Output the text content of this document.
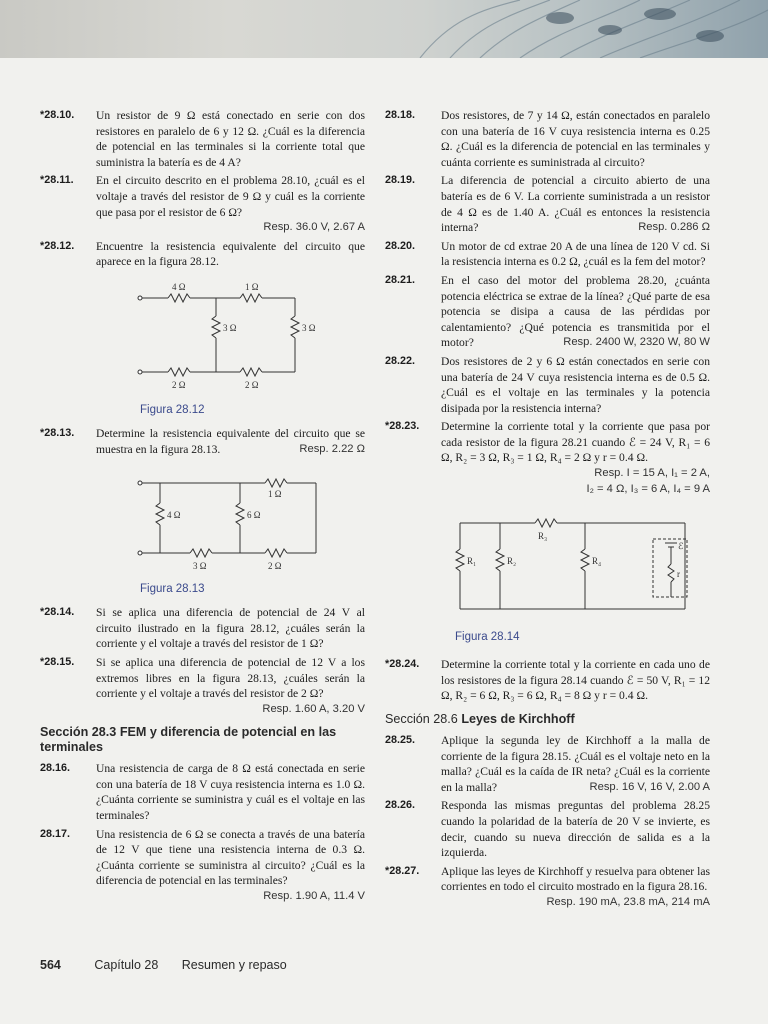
*28.10.	Un resistor de 9 Ω está conectado en serie con dos resistores en paralelo de 6 y 12 Ω. ¿Cuál es la diferencia de potencial en las terminales si la corriente total que suministra la batería es de 4 A?
*28.11.	En el circuito descrito en el problema 28.10, ¿cuál es el voltaje a través del resistor de 9 Ω y cuál es la corriente que pasa por el resistor de 6 Ω?
Resp. 36.0 V, 2.67 A
*28.12.	Encuentre la resistencia equivalente del circuito que aparece en la figura 28.12.
4 Ω	1 Ω
3 Ω	3 Ω
2 Ω	2 Ω
Figura 28.12
*28.13.	Determine la resistencia equivalente del circuito que se muestra en la figura 28.13.	Resp. 2.22 Ω
1 Ω
4 Ω	6 Ω
3 Ω	2 Ω
Figura 28.13
*28.14.	Si se aplica una diferencia de potencial de 24 V al circuito ilustrado en la figura 28.12, ¿cuáles serán la corriente y el voltaje a través del resistor de 1 Ω?
*28.15.	Si se aplica una diferencia de potencial de 12 V a los extremos libres en la figura 28.13, ¿cuáles serán la corriente y el voltaje a través del resistor de 2 Ω?
Resp. 1.60 A, 3.20 V
Sección 28.3 FEM y diferencia de potencial en las terminales
28.16.	Una resistencia de carga de 8 Ω está conectada en serie con una batería de 18 V cuya resistencia interna es 1.0 Ω. ¿Cuánta corriente se suministra y cuál es el voltaje en las terminales?
28.17.	Una resistencia de 6 Ω se conecta a través de una batería de 12 V que tiene una resistencia interna de 0.3 Ω. ¿Cuánta corriente se suministra al circuito? ¿Cuál es la diferencia de potencial en las terminales?
Resp. 1.90 A, 11.4 V
28.18.	Dos resistores, de 7 y 14 Ω, están conectados en paralelo con una batería de 16 V cuya resistencia interna es 0.25 Ω. ¿Cuál es la diferencia de potencial en las terminales y cuánta corriente es suministrada al circuito?
28.19.	La diferencia de potencial a circuito abierto de una batería es de 6 V. La corriente suministrada a un resistor de 4 Ω es de 1.40 A. ¿Cuál es entonces la resistencia interna?	Resp. 0.286 Ω
28.20.	Un motor de cd extrae 20 A de una línea de 120 V cd. Si la resistencia interna es 0.2 Ω, ¿cuál es la fem del motor?
28.21.	En el caso del motor del problema 28.20, ¿cuánta potencia eléctrica se extrae de la línea? ¿Qué parte de esa potencia se disipa a causa de las pérdidas por calentamiento? ¿Qué potencia es transmitida por el motor?	Resp. 2400 W, 2320 W, 80 W
28.22.	Dos resistores de 2 y 6 Ω están conectados en serie con una batería de 24 V cuya resistencia interna es de 0.5 Ω. ¿Cuál es el voltaje en las terminales y la potencia disipada por la resistencia interna?
*28.23.	Determine la corriente total y la corriente que pasa por cada resistor de la figura 28.21 cuando ℰ = 24 V, R₁ = 6 Ω, R₂ = 3 Ω, R₃ = 1 Ω, R₄ = 2 Ω y r = 0.4 Ω.
Resp. I = 15 A, I₁ = 2 A,
I₂ = 4 Ω, I₃ = 6 A, I₄ = 9 A
R₃
R₁	R₂	R₄
ℰ
r
Figura 28.14
*28.24.	Determine la corriente total y la corriente en cada uno de los resistores de la figura 28.14 cuando ℰ = 50 V, R₁ = 12 Ω, R₂ = 6 Ω, R₃ = 6 Ω, R₄ = 8 Ω y r = 0.4 Ω.
Sección 28.6 Leyes de Kirchhoff
28.25.	Aplique la segunda ley de Kirchhoff a la malla de corriente de la figura 28.15. ¿Cuál es el voltaje neto en la malla? ¿Cuál es la caída de IR neta? ¿Cuál es la corriente en la malla?	Resp. 16 V, 16 V, 2.00 A
28.26.	Responda las mismas preguntas del problema 28.25 cuando la polaridad de la batería de 20 V se invierte, es decir, cuando su nueva dirección de salida es a la izquierda.
*28.27.	Aplique las leyes de Kirchhoff y resuelva para obtener las corrientes en todo el circuito mostrado en la figura 28.16.
Resp. 190 mA, 23.8 mA, 214 mA
564	Capítulo 28 Resumen y repaso
